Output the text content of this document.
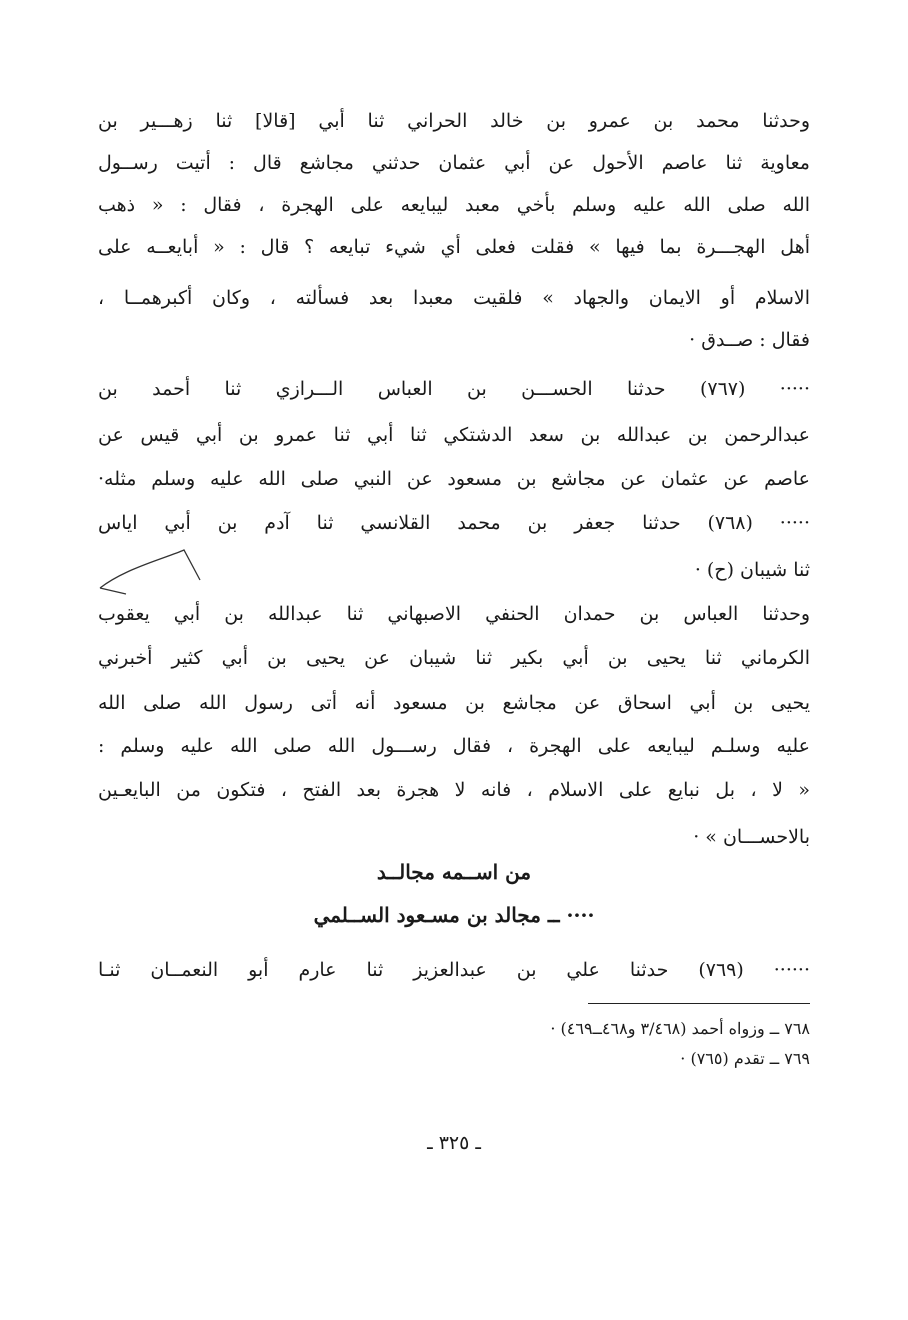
وحدثنا محمد بن عمرو بن خالد الحراني ثنا أبي [قالا] ثنا زهـــير بن
معاوية ثنا عاصم الأحول عن أبي عثمان حدثني مجاشع قال : أتيت رســول
الله صلى الله عليه وسلم بأخي معبد ليبايعه على الهجرة ، فقال : « ذهب
أهل الهجـــرة بما فيها » فقلت فعلى أي شيء تبايعه ؟ قال : « أبايعــه على
الاسلام أو الايمان والجهاد » فلقيت معبدا بعد فسألته ، وكان أكبرهمــا ،
فقال : صــدق ·
····· (٧٦٧) حدثنا الحســـن بن العباس الـــرازي ثنا أحمد بن
عبدالرحمن بن عبدالله بن سعد الدشتكي ثنا أبي ثنا عمرو بن أبي قيس عن
عاصم عن عثمان عن مجاشع بن مسعود عن النبي صلى الله عليه وسلم مثله·
····· (٧٦٨) حدثنا جعفر بن محمد القلانسي ثنا آدم بن أبي اياس
ثنا شيبان (ح) ·
وحدثنا العباس بن حمدان الحنفي الاصبهاني ثنا عبدالله بن أبي يعقوب
الكرماني ثنا يحيى بن أبي بكير ثنا شيبان عن يحيى بن أبي كثير أخبرني
يحيى بن أبي اسحاق عن مجاشع بن مسعود أنه أتى رسول الله صلى الله
عليه وسلـم ليبايعه على الهجرة ، فقال رســـول الله صلى الله عليه وسلم :
« لا ، بل نبايع على الاسلام ، فانه لا هجرة بعد الفتح ، فتكون من البايعـين
بالاحســـان » ·
من اســمه مجالــد
···· ــ مجالد بن مسـعود الســلمي
······ (٧٦٩) حدثنا علي بن عبدالعزيز ثنا عارم أبو النعمــان ثنـا
٧٦٨ ــ وزواه أحمد (٣/٤٦٨ و٤٦٨ــ٤٦٩) ·
٧٦٩ ــ تقدم (٧٦٥) ·
ـ ٣٢٥ ـ
